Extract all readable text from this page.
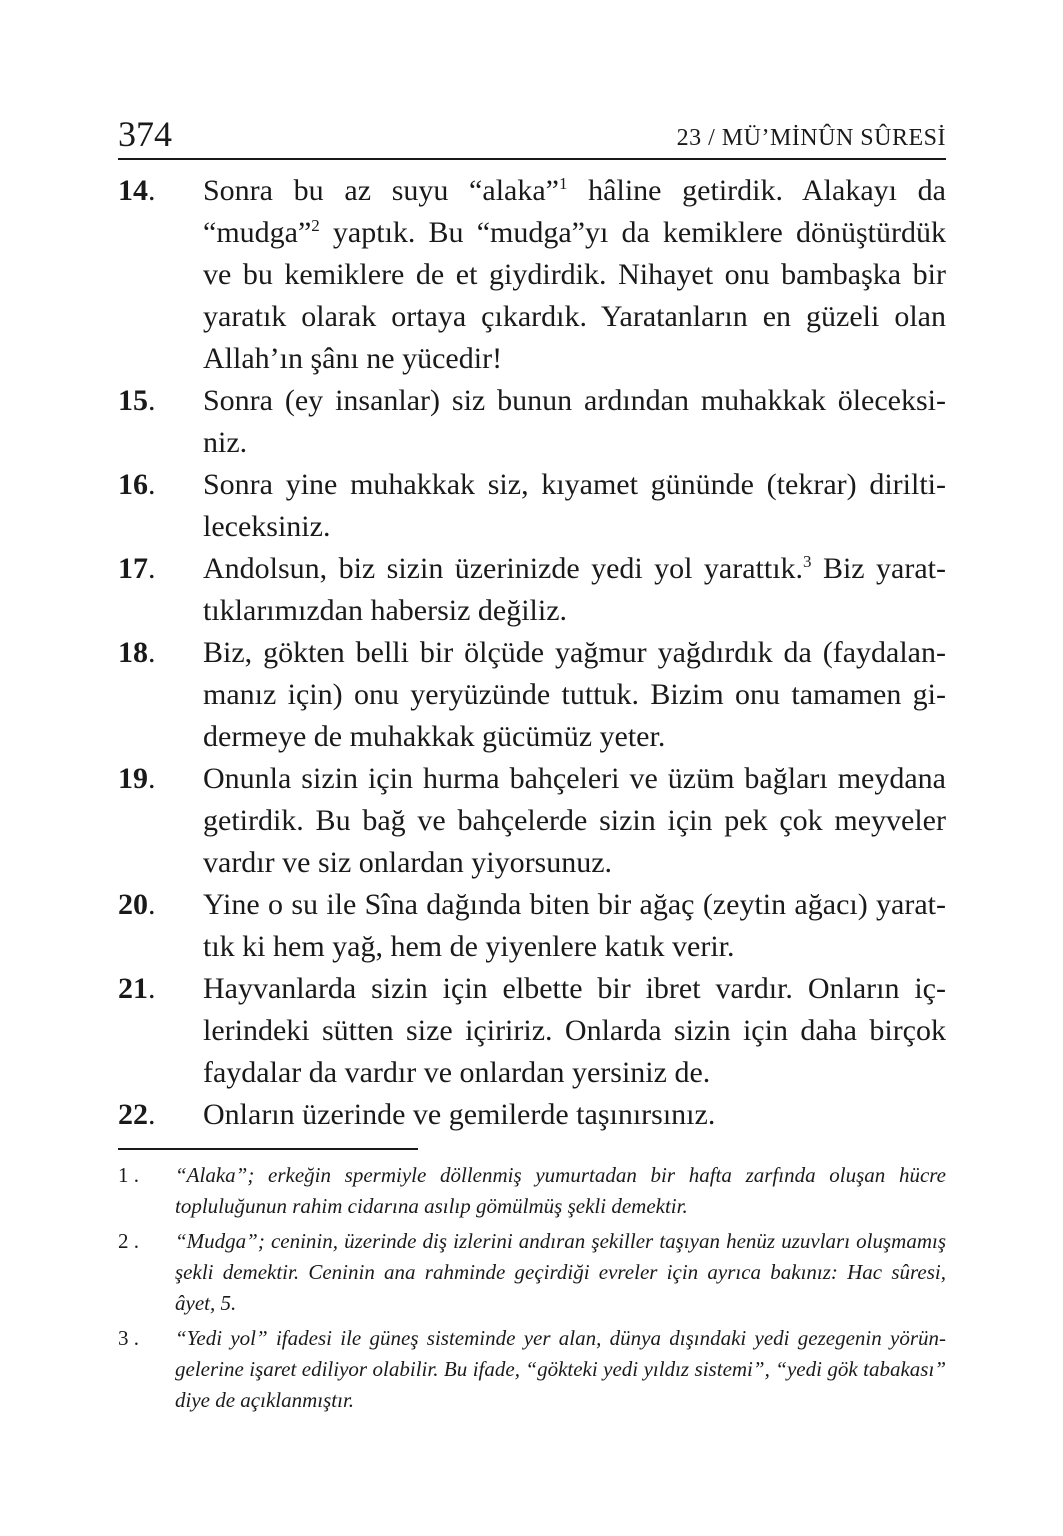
374	23 / MÜ’MİNÛN SÛRESİ
14. Sonra bu az suyu “alaka”$^1$ hâline getirdik. Alakayı da “mudga”$^2$ yaptık. Bu “mudga”yı da kemiklere dönüştürdük ve bu kemiklere de et giydirdik. Nihayet onu bambaşka bir yaratık olarak ortaya çıkardık. Yaratanların en güzeli olan Allah’ın şânı ne yücedir!
15. Sonra (ey insanlar) siz bunun ardından muhakkak öleceksiniz.
16. Sonra yine muhakkak siz, kıyamet gününde (tekrar) diriltileceksiniz.
17. Andolsun, biz sizin üzerinizde yedi yol yarattık.$^3$ Biz yarattıklarımızdan habersiz değiliz.
18. Biz, gökten belli bir ölçüde yağmur yağdırdık da (faydalanmanız için) onu yeryüzünde tuttuk. Bizim onu tamamen gidermeye de muhakkak gücümüz yeter.
19. Onunla sizin için hurma bahçeleri ve üzüm bağları meydana getirdik. Bu bağ ve bahçelerde sizin için pek çok meyveler vardır ve siz onlardan yiyorsunuz.
20. Yine o su ile Sîna dağında biten bir ağaç (zeytin ağacı) yarattık ki hem yağ, hem de yiyenlere katık verir.
21. Hayvanlarda sizin için elbette bir ibret vardır. Onların içlerindeki sütten size içiririz. Onlarda sizin için daha birçok faydalar da vardır ve onlardan yersiniz de.
22. Onların üzerinde ve gemilerde taşınırsınız.
1 . “Alaka”; erkeğin spermiyle döllenmiş yumurtadan bir hafta zarfında oluşan hücre topluluğunun rahim cidarına asılıp gömülmüş şekli demektir.
2 . “Mudga”; ceninin, üzerinde diş izlerini andıran şekiller taşıyan henüz uzuvları oluşmamış şekli demektir. Ceninin ana rahminde geçirdiği evreler için ayrıca bakınız: Hac sûresi, âyet, 5.
3 . “Yedi yol” ifadesi ile güneş sisteminde yer alan, dünya dışındaki yedi gezegenin yörüngelerine işaret ediliyor olabilir. Bu ifade, “gökteki yedi yıldız sistemi”, “yedi gök tabakası” diye de açıklanmıştır.
